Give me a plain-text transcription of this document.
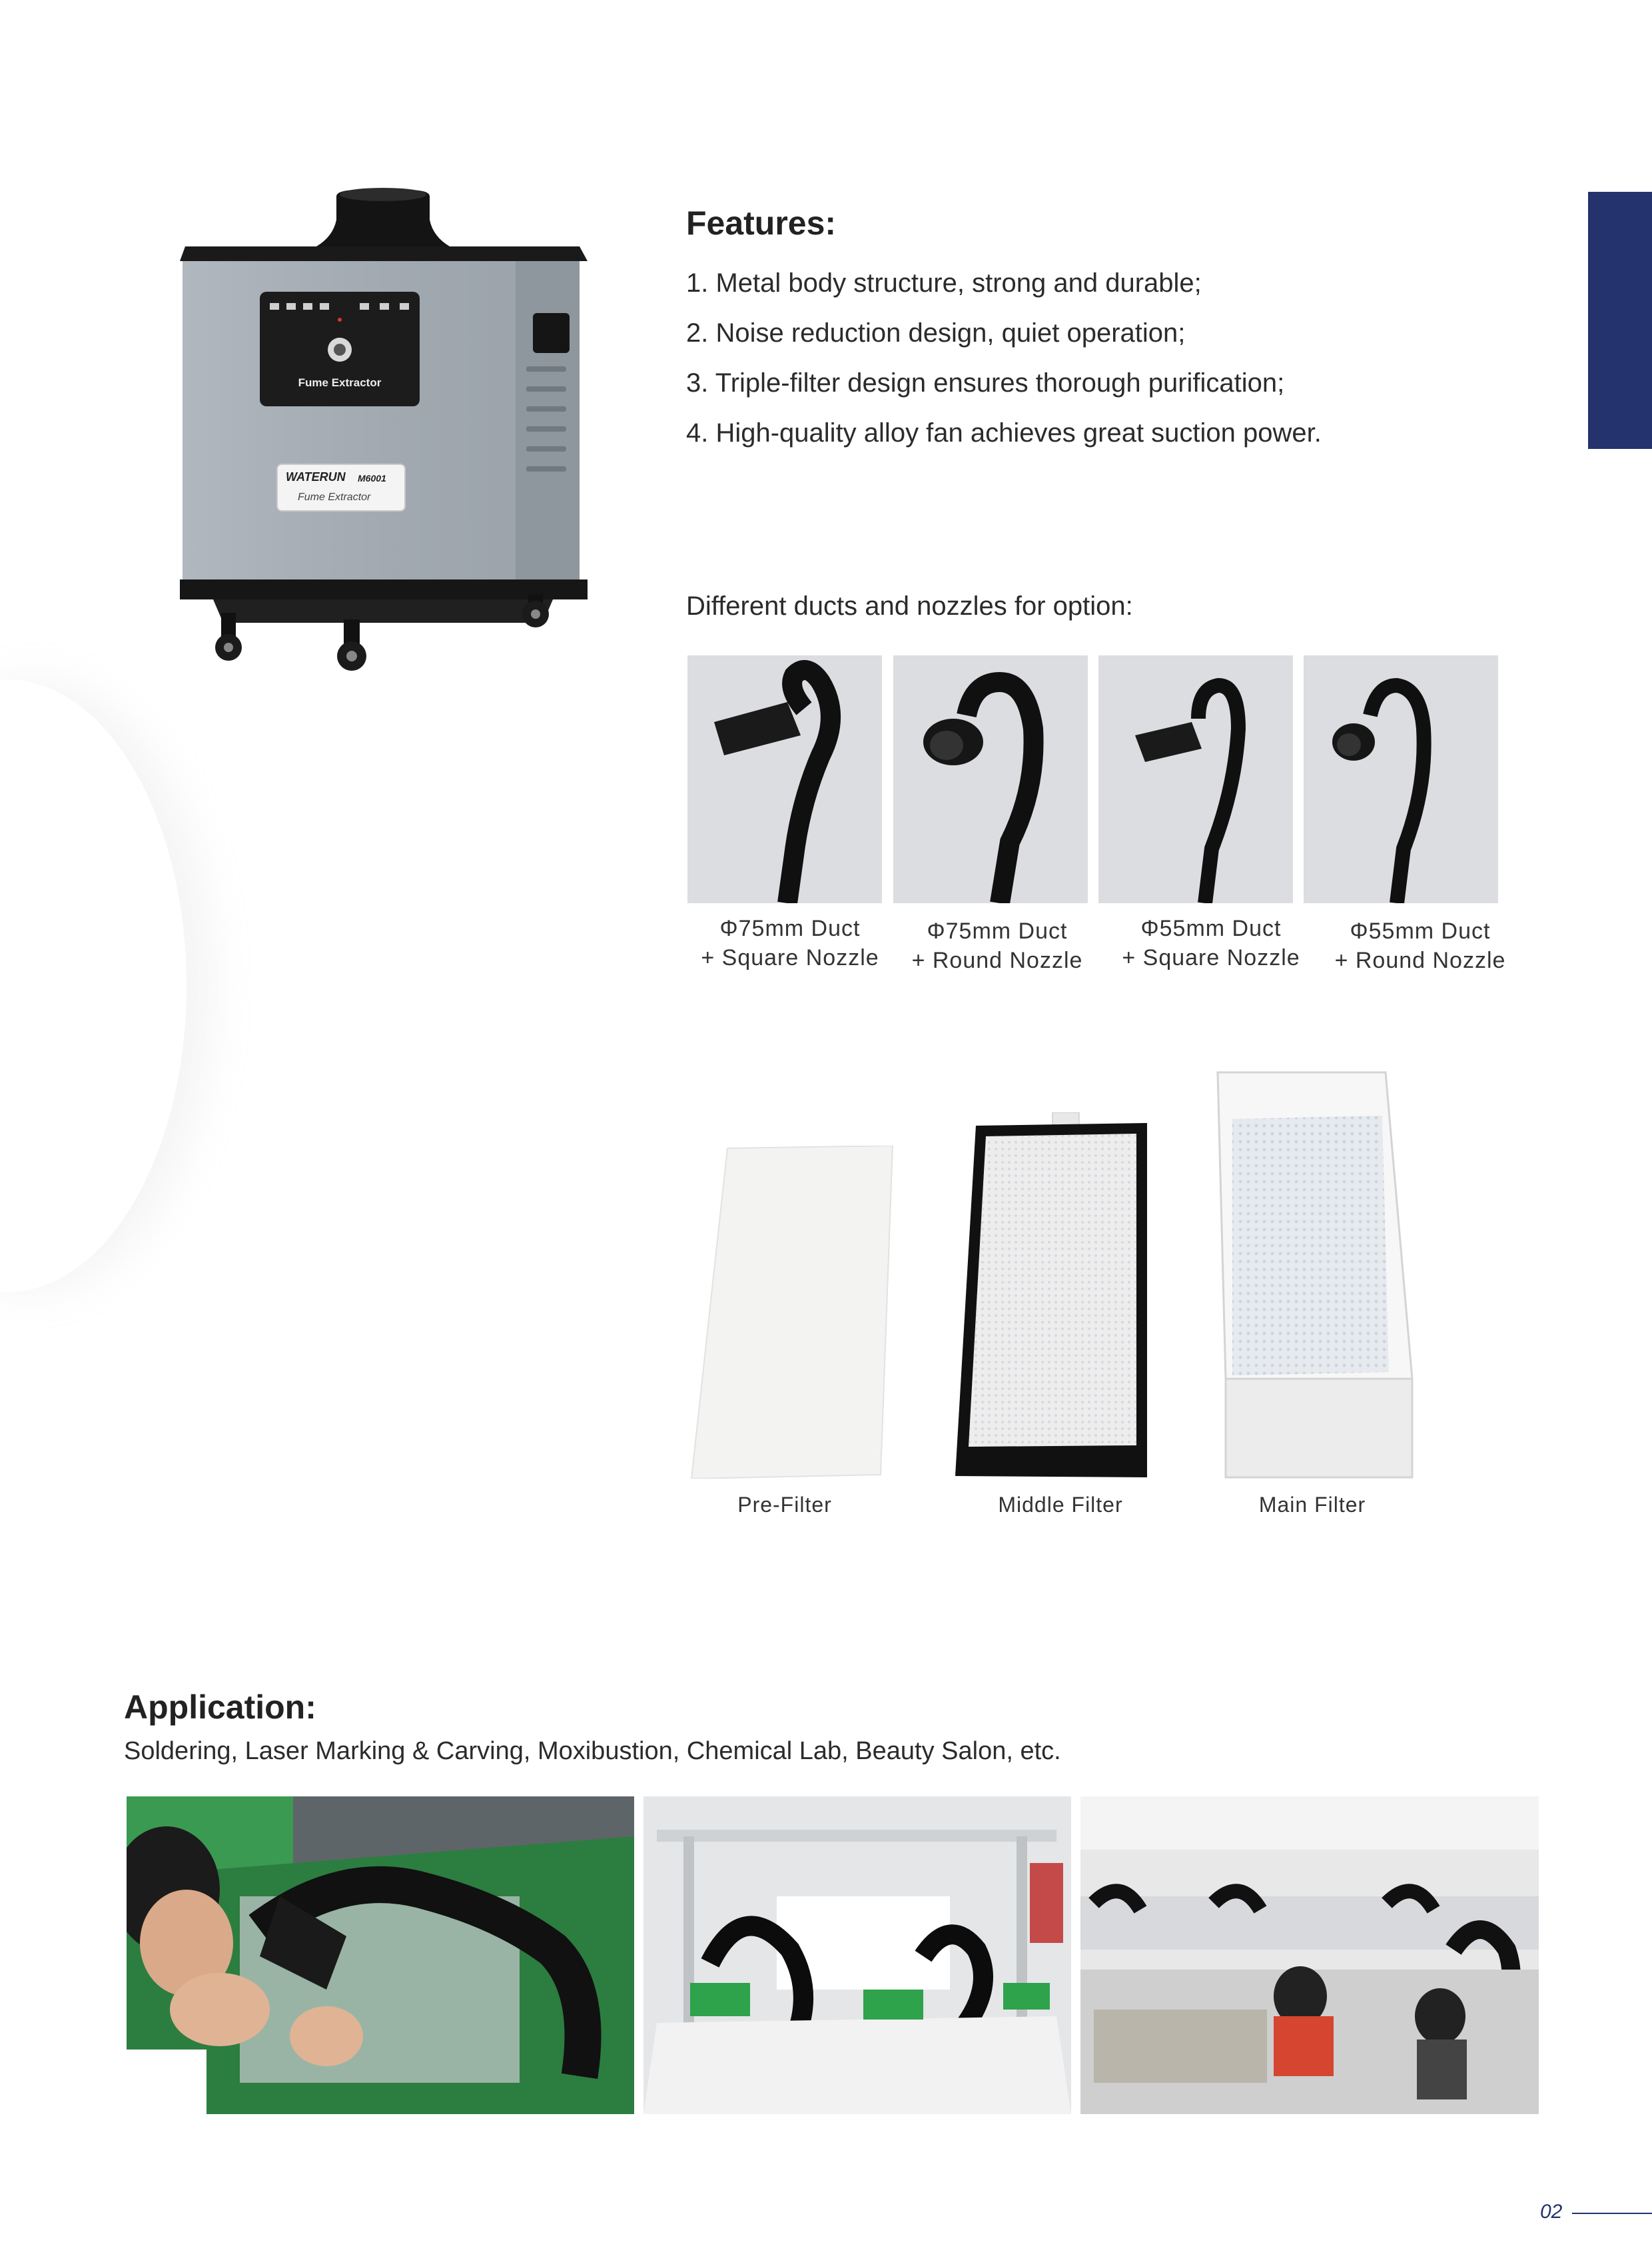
Fume Extractor
WATERUN M6001
Fume Extractor
Features:
1. Metal body structure, strong and durable;
2. Noise reduction design, quiet operation;
3. Triple-filter design ensures thorough purification;
4. High-quality alloy fan achieves great suction power.
Different ducts and nozzles for option:
Φ75mm Duct
+ Square Nozzle
Φ75mm Duct
+ Round Nozzle
Φ55mm Duct
+ Square Nozzle
Φ55mm Duct
+ Round Nozzle
Pre-Filter	Middle Filter	Main Filter
Application:
Soldering, Laser Marking & Carving, Moxibustion, Chemical Lab, Beauty Salon, etc.
02
